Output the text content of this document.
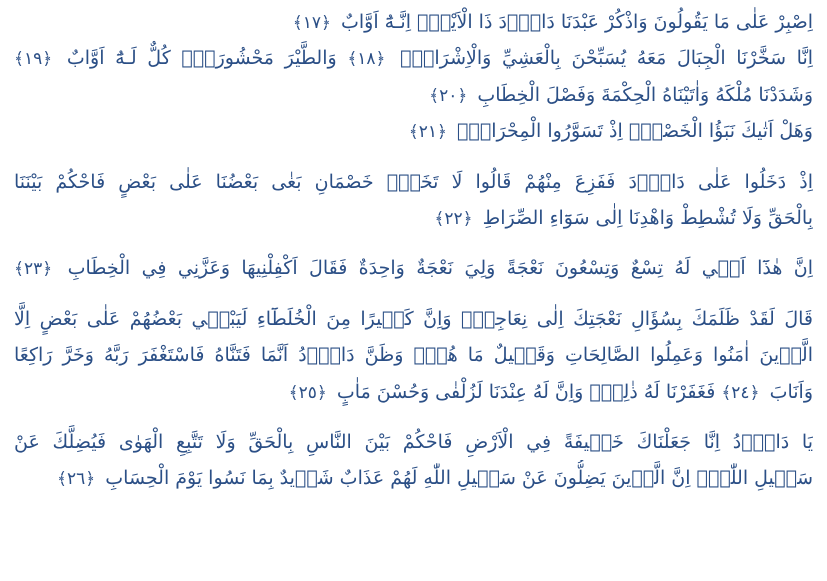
اِصْبِرْ عَلٰى مَا يَقُولُونَ وَاذْكُرْ عَبْدَنَا دَاوُ۫دَ ذَا الْاَيْدِۚ اِنَّـهُٓ اَوَّابٌ ﴿١٧﴾
اِنَّا سَخَّرْنَا الْجِبَالَ مَعَهُ يُسَبِّحْنَ بِالْعَشِيِّ وَالْاِشْرَاقِۙ ﴿١٨﴾ وَالطَّيْرَ مَحْشُورَةًۜ كُلٌّ لَـهُٓ اَوَّابٌ ﴿١٩﴾
وَشَدَدْنَا مُلْكَهُ وَاٰتَيْنَاهُ الْحِكْمَةَ وَفَصْلَ الْخِطَابِ ﴿٢٠﴾
وَهَلْ اَتٰيكَ نَبَؤُا الْخَصْمِۢ اِذْ تَسَوَّرُوا الْمِحْرَابَۙ ﴿٢١﴾
اِذْ دَخَلُوا عَلٰى دَاوُ۫دَ فَفَزِعَ مِنْهُمْ قَالُوا لَا تَخَفْۚ خَصْمَانِ بَغٰى بَعْضُنَا عَلٰى بَعْضٍ فَاحْكُمْ بَيْنَنَا
بِالْحَقِّ وَلَا تُشْطِطْ وَاهْدِنَا اِلٰى سَوَٓاءِ الصِّرَاطِ ﴿٢٢﴾
اِنَّ هٰذَٓا اَخ۪ي لَهُ تِسْعٌ وَتِسْعُونَ نَعْجَةً وَلِيَ نَعْجَةٌ وَاحِدَةٌ فَقَالَ اَكْفِلْنِيهَا وَعَزَّنِي فِي الْخِطَابِ ﴿٢٣﴾
قَالَ لَقَدْ ظَلَمَكَ بِسُؤَالِ نَعْجَتِكَ اِلٰى نِعَاجِه۪ۜ وَاِنَّ كَث۪يرًا مِنَ الْخُلَطَٓاءِ لَيَبْغ۪ي بَعْضُهُمْ عَلٰى بَعْضٍ اِلَّا
الَّذ۪ينَ اٰمَنُوا وَعَمِلُوا الصَّالِحَاتِ وَقَل۪يلٌ مَا هُمْۜ وَظَنَّ دَاوُ۫دُ اَنَّمَا فَتَنَّاهُ فَاسْتَغْفَرَ رَبَّهُ وَخَرَّ رَاكِعًا
وَاَنَابَ ﴿٢٤﴾ فَغَفَرْنَا لَهُ ذٰلِكَۜ وَاِنَّ لَهُ عِنْدَنَا لَزُلْفٰى وَحُسْنَ مَاٰبٍ ﴿٢٥﴾
يَا دَاوُ۫دُ اِنَّا جَعَلْنَاكَ خَل۪يفَةً فِي الْاَرْضِ فَاحْكُمْ بَيْنَ النَّاسِ بِالْحَقِّ وَلَا تَتَّبِعِ الْهَوٰى فَيُضِلَّكَ عَنْ
سَب۪يلِ اللّٰهِۜ اِنَّ الَّذ۪ينَ يَضِلُّونَ عَنْ سَب۪يلِ اللّٰهِ لَهُمْ عَذَابٌ شَد۪يدٌ بِمَا نَسُوا يَوْمَ الْحِسَابِ ﴿٢٦﴾
